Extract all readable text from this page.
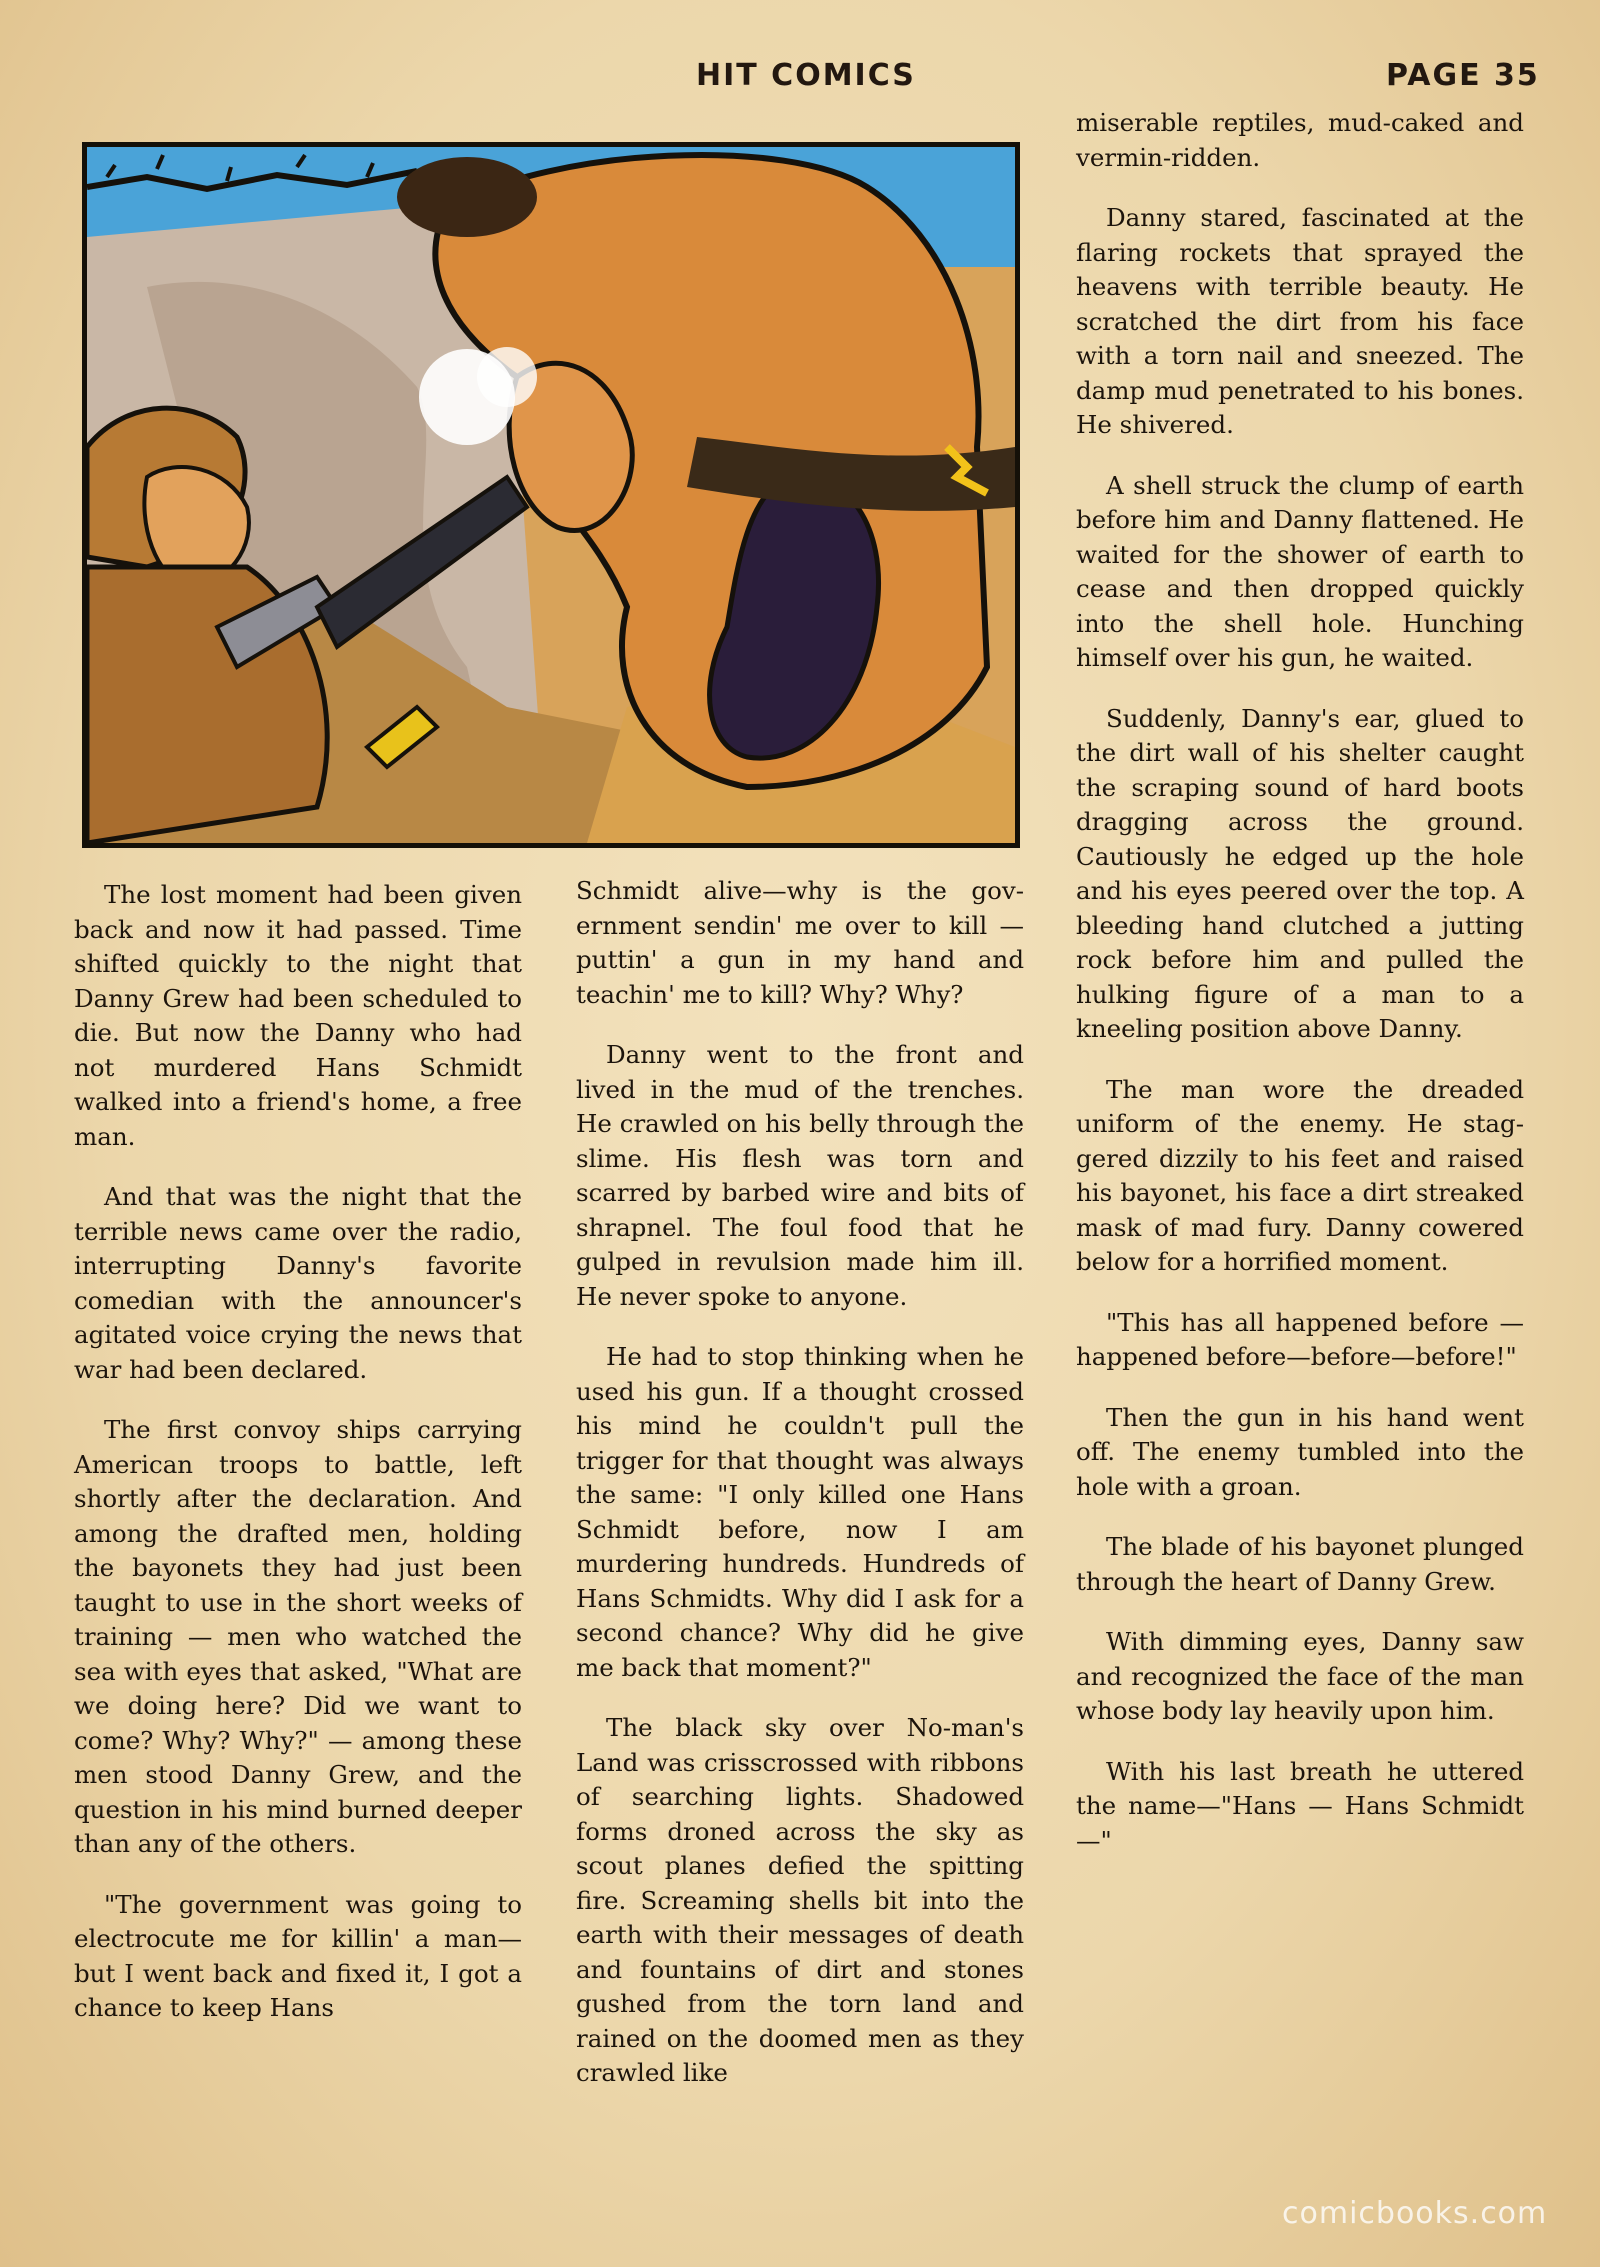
HIT COMICS	PAGE 35

The lost moment had been given back and now it had passed. Time shifted quickly to the night that Danny Grew had been scheduled to die. But now the Danny who had not murdered Hans Schmidt walked into a friend's home, a free man.

And that was the night that the terrible news came over the radio, interrupting Danny's favorite comedian with the announcer's agitated voice crying the news that war had been declared.

The first convoy ships carrying American troops to battle, left shortly after the declaration. And among the drafted men, holding the bayonets they had just been taught to use in the short weeks of training — men who watched the sea with eyes that asked, "What are we doing here? Did we want to come? Why? Why?" — among these men stood Danny Grew, and the question in his mind burned deeper than any of the others.

"The government was going to electrocute me for killin' a man—but I went back and fixed it, I got a chance to keep Hans

Schmidt alive—why is the government sendin' me over to kill —puttin' a gun in my hand and teachin' me to kill? Why? Why?

Danny went to the front and lived in the mud of the trenches. He crawled on his belly through the slime. His flesh was torn and scarred by barbed wire and bits of shrapnel. The foul food that he gulped in revulsion made him ill. He never spoke to anyone.

He had to stop thinking when he used his gun. If a thought crossed his mind he couldn't pull the trigger for that thought was always the same: "I only killed one Hans Schmidt before, now I am murdering hundreds. Hundreds of Hans Schmidts. Why did I ask for a second chance? Why did he give me back that moment?"

The black sky over No-man's Land was crisscrossed with ribbons of searching lights. Shadowed forms droned across the sky as scout planes defied the spitting fire. Screaming shells bit into the earth with their messages of death and fountains of dirt and stones gushed from the torn land and rained on the doomed men as they crawled like

miserable reptiles, mud-caked and vermin-ridden.

Danny stared, fascinated at the flaring rockets that sprayed the heavens with terrible beauty. He scratched the dirt from his face with a torn nail and sneezed. The damp mud penetrated to his bones. He shivered.

A shell struck the clump of earth before him and Danny flattened. He waited for the shower of earth to cease and then dropped quickly into the shell hole. Hunching himself over his gun, he waited.

Suddenly, Danny's ear, glued to the dirt wall of his shelter caught the scraping sound of hard boots dragging across the ground. Cautiously he edged up the hole and his eyes peered over the top. A bleeding hand clutched a jutting rock before him and pulled the hulking figure of a man to a kneeling position above Danny.

The man wore the dreaded uniform of the enemy. He staggered dizzily to his feet and raised his bayonet, his face a dirt streaked mask of mad fury. Danny cowered below for a horrified moment.

"This has all happened before —happened before—before—before!"

Then the gun in his hand went off. The enemy tumbled into the hole with a groan.

The blade of his bayonet plunged through the heart of Danny Grew.

With dimming eyes, Danny saw and recognized the face of the man whose body lay heavily upon him.

With his last breath he uttered the name—"Hans — Hans Schmidt—"

comicbooks.com
